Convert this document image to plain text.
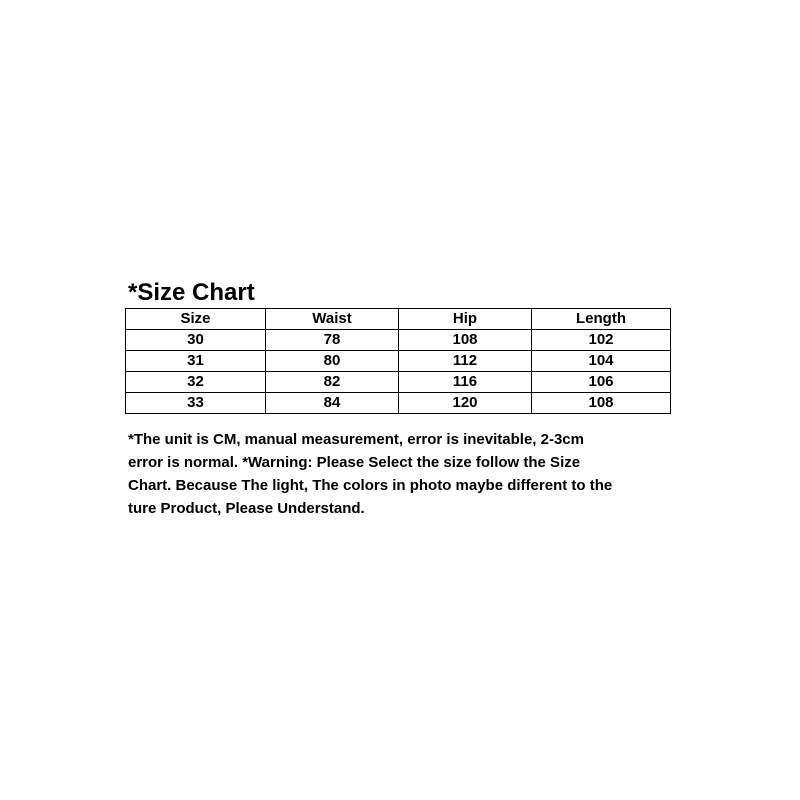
*Size Chart
Size	Waist	Hip	Length
30	78	108	102
31	80	112	104
32	82	116	106
33	84	120	108

*The unit is CM, manual measurement, error is inevitable, 2-3cm
error is normal. *Warning: Please Select the size follow the Size
Chart. Because The light, The colors in photo maybe different to the
ture Product, Please Understand.
